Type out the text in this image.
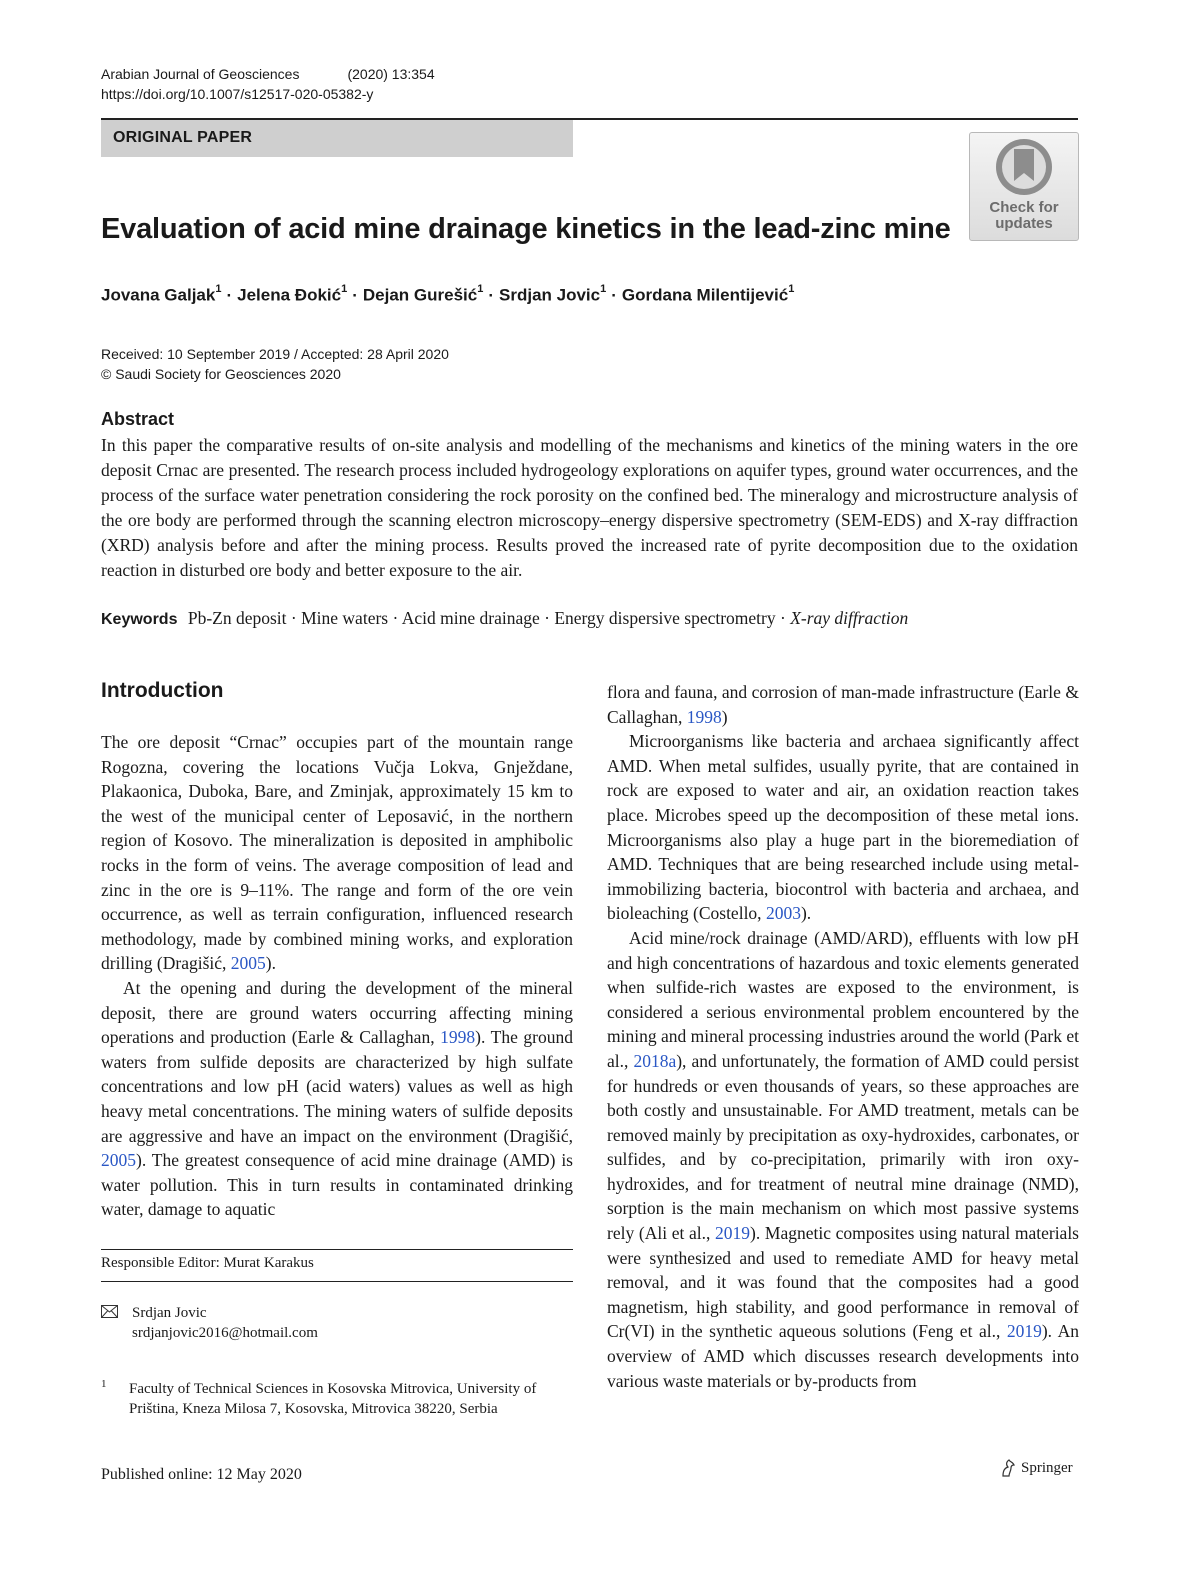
Arabian Journal of Geosciences	(2020) 13:354
https://doi.org/10.1007/s12517-020-05382-y
ORIGINAL PAPER
Check for
updates
Evaluation of acid mine drainage kinetics in the lead-zinc mine
Jovana Galjak$^1$ · Jelena Đokić$^1$ · Dejan Gurešić$^1$ · Srdjan Jovic$^1$ · Gordana Milentijević$^1$
Received: 10 September 2019 / Accepted: 28 April 2020
© Saudi Society for Geosciences 2020
Abstract
In this paper the comparative results of on-site analysis and modelling of the mechanisms and kinetics of the mining waters in the ore deposit Crnac are presented. The research process included hydrogeology explorations on aquifer types, ground water occurrences, and the process of the surface water penetration considering the rock porosity on the confined bed. The mineralogy and microstructure analysis of the ore body are performed through the scanning electron microscopy–energy dispersive spectrometry (SEM-EDS) and X-ray diffraction (XRD) analysis before and after the mining process. Results proved the increased rate of pyrite decomposition due to the oxidation reaction in disturbed ore body and better exposure to the air.
Keywords Pb-Zn deposit · Mine waters · Acid mine drainage · Energy dispersive spectrometry · X-ray diffraction
Introduction

The ore deposit “Crnac” occupies part of the mountain range Rogozna, covering the locations Vučja Lokva, Gnježdane, Plakaonica, Duboka, Bare, and Zminjak, approximately 15 km to the west of the municipal center of Leposavić, in the northern region of Kosovo. The mineralization is deposited in amphibolic rocks in the form of veins. The average composition of lead and zinc in the ore is 9–11%. The range and form of the ore vein occurrence, as well as terrain configuration, influenced research methodology, made by combined mining works, and exploration drilling (Dragišić, 2005).

At the opening and during the development of the mineral deposit, there are ground waters occurring affecting mining operations and production (Earle & Callaghan, 1998). The ground waters from sulfide deposits are characterized by high sulfate concentrations and low pH (acid waters) values as well as high heavy metal concentrations. The mining waters of sulfide deposits are aggressive and have an impact on the environment (Dragišić, 2005). The greatest consequence of acid mine drainage (AMD) is water pollution. This in turn results in contaminated drinking water, damage to aquatic

flora and fauna, and corrosion of man-made infrastructure (Earle & Callaghan, 1998)

Microorganisms like bacteria and archaea significantly affect AMD. When metal sulfides, usually pyrite, that are contained in rock are exposed to water and air, an oxidation reaction takes place. Microbes speed up the decomposition of these metal ions. Microorganisms also play a huge part in the bioremediation of AMD. Techniques that are being researched include using metal-immobilizing bacteria, biocontrol with bacteria and archaea, and bioleaching (Costello, 2003).

Acid mine/rock drainage (AMD/ARD), effluents with low pH and high concentrations of hazardous and toxic elements generated when sulfide-rich wastes are exposed to the environment, is considered a serious environmental problem encountered by the mining and mineral processing industries around the world (Park et al., 2018a), and unfortunately, the formation of AMD could persist for hundreds or even thousands of years, so these approaches are both costly and unsustainable. For AMD treatment, metals can be removed mainly by precipitation as oxy-hydroxides, carbonates, or sulfides, and by co-precipitation, primarily with iron oxy-hydroxides, and for treatment of neutral mine drainage (NMD), sorption is the main mechanism on which most passive systems rely (Ali et al., 2019). Magnetic composites using natural materials were synthesized and used to remediate AMD for heavy metal removal, and it was found that the composites had a good magnetism, high stability, and good performance in removal of Cr(VI) in the synthetic aqueous solutions (Feng et al., 2019). An overview of AMD which discusses research developments into various waste materials or by-products from

Responsible Editor: Murat Karakus
Srdjan Jovic
srdjanjovic2016@hotmail.com
1 Faculty of Technical Sciences in Kosovska Mitrovica, University of Priština, Kneza Milosa 7, Kosovska, Mitrovica 38220, Serbia
Published online: 12 May 2020	Springer
